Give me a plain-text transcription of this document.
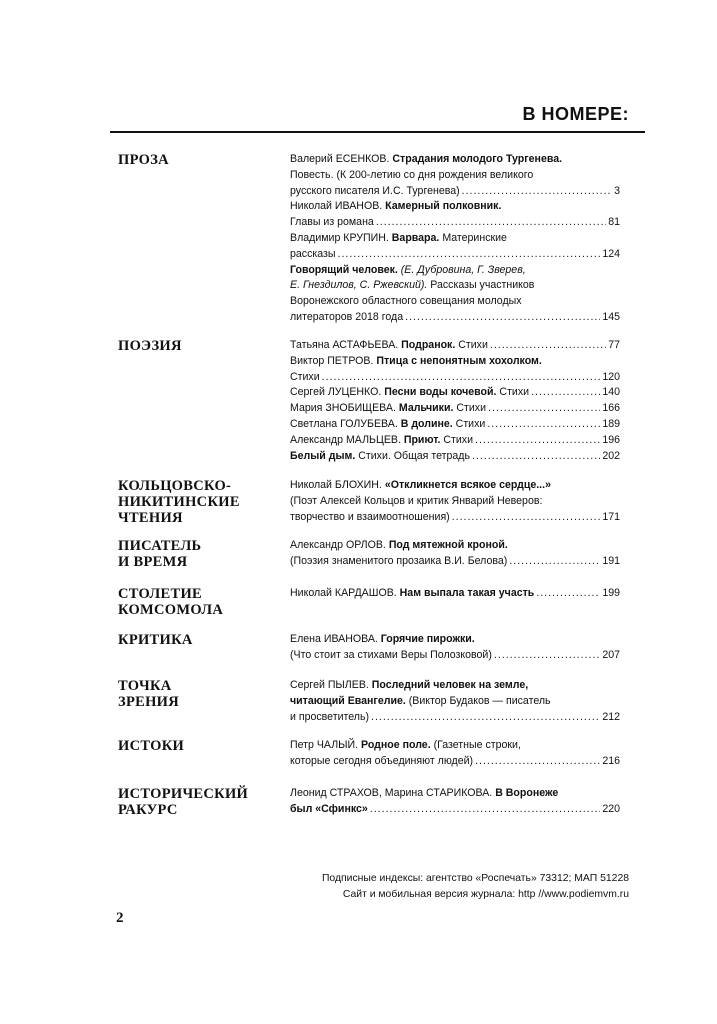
В НОМЕРЕ:
ПРОЗА	Валерий ЕСЕНКОВ. Страдания молодого Тургенева.
Повесть. (К 200-летию со дня рождения великого
русского писателя И.С. Тургенева) .....	3
Николай ИВАНОВ. Камерный полковник.
Главы из романа .....	81
Владимир КРУПИН. Варвара. Материнские
рассказы .....	124
Говорящий человек. (Е. Дубровина, Г. Зверев,
Е. Гнездилов, С. Ржевский). Рассказы участников
Воронежского областного совещания молодых
литераторов 2018 года .....	145
ПОЭЗИЯ	Татьяна АСТАФЬЕВА. Подранок. Стихи .....	77
Виктор ПЕТРОВ. Птица с непонятным хохолком.
Стихи .....	120
Сергей ЛУЦЕНКО. Песни воды кочевой. Стихи .....	140
Мария ЗНОБИЩЕВА. Мальчики. Стихи .....	166
Светлана ГОЛУБЕВА. В долине. Стихи .....	189
Александр МАЛЬЦЕВ. Приют. Стихи .....	196
Белый дым. Стихи. Общая тетрадь .....	202
КОЛЬЦОВСКО-
НИКИТИНСКИЕ
ЧТЕНИЯ
Николай БЛОХИН. «Откликнется всякое сердце...»
(Поэт Алексей Кольцов и критик Январий Неверов:
творчество и взаимоотношения) .....	171
ПИСАТЕЛЬ
И ВРЕМЯ
Александр ОРЛОВ. Под мятежной кроной.
(Поэзия знаменитого прозаика В.И. Белова) .....	191
СТОЛЕТИЕ
КОМСОМОЛА
Николай КАРДАШОВ. Нам выпала такая участь .....	199
КРИТИКА	Елена ИВАНОВА. Горячие пирожки.
(Что стоит за стихами Веры Полозковой) .....	207
ТОЧКА
ЗРЕНИЯ
Сергей ПЫЛЕВ. Последний человек на земле,
читающий Евангелие. (Виктор Будаков — писатель
и просветитель) .....	212
ИСТОКИ	Петр ЧАЛЫЙ. Родное поле. (Газетные строки,
которые сегодня объединяют людей) .....	216
ИСТОРИЧЕСКИЙ
РАКУРС
Леонид СТРАХОВ, Марина СТАРИКОВА. В Воронеже
был «Сфинкс» .....	220
Подписные индексы: агентство «Роспечать» 73312; МАП 51228
Сайт и мобильная версия журнала: http //www.podiemvm.ru
2
